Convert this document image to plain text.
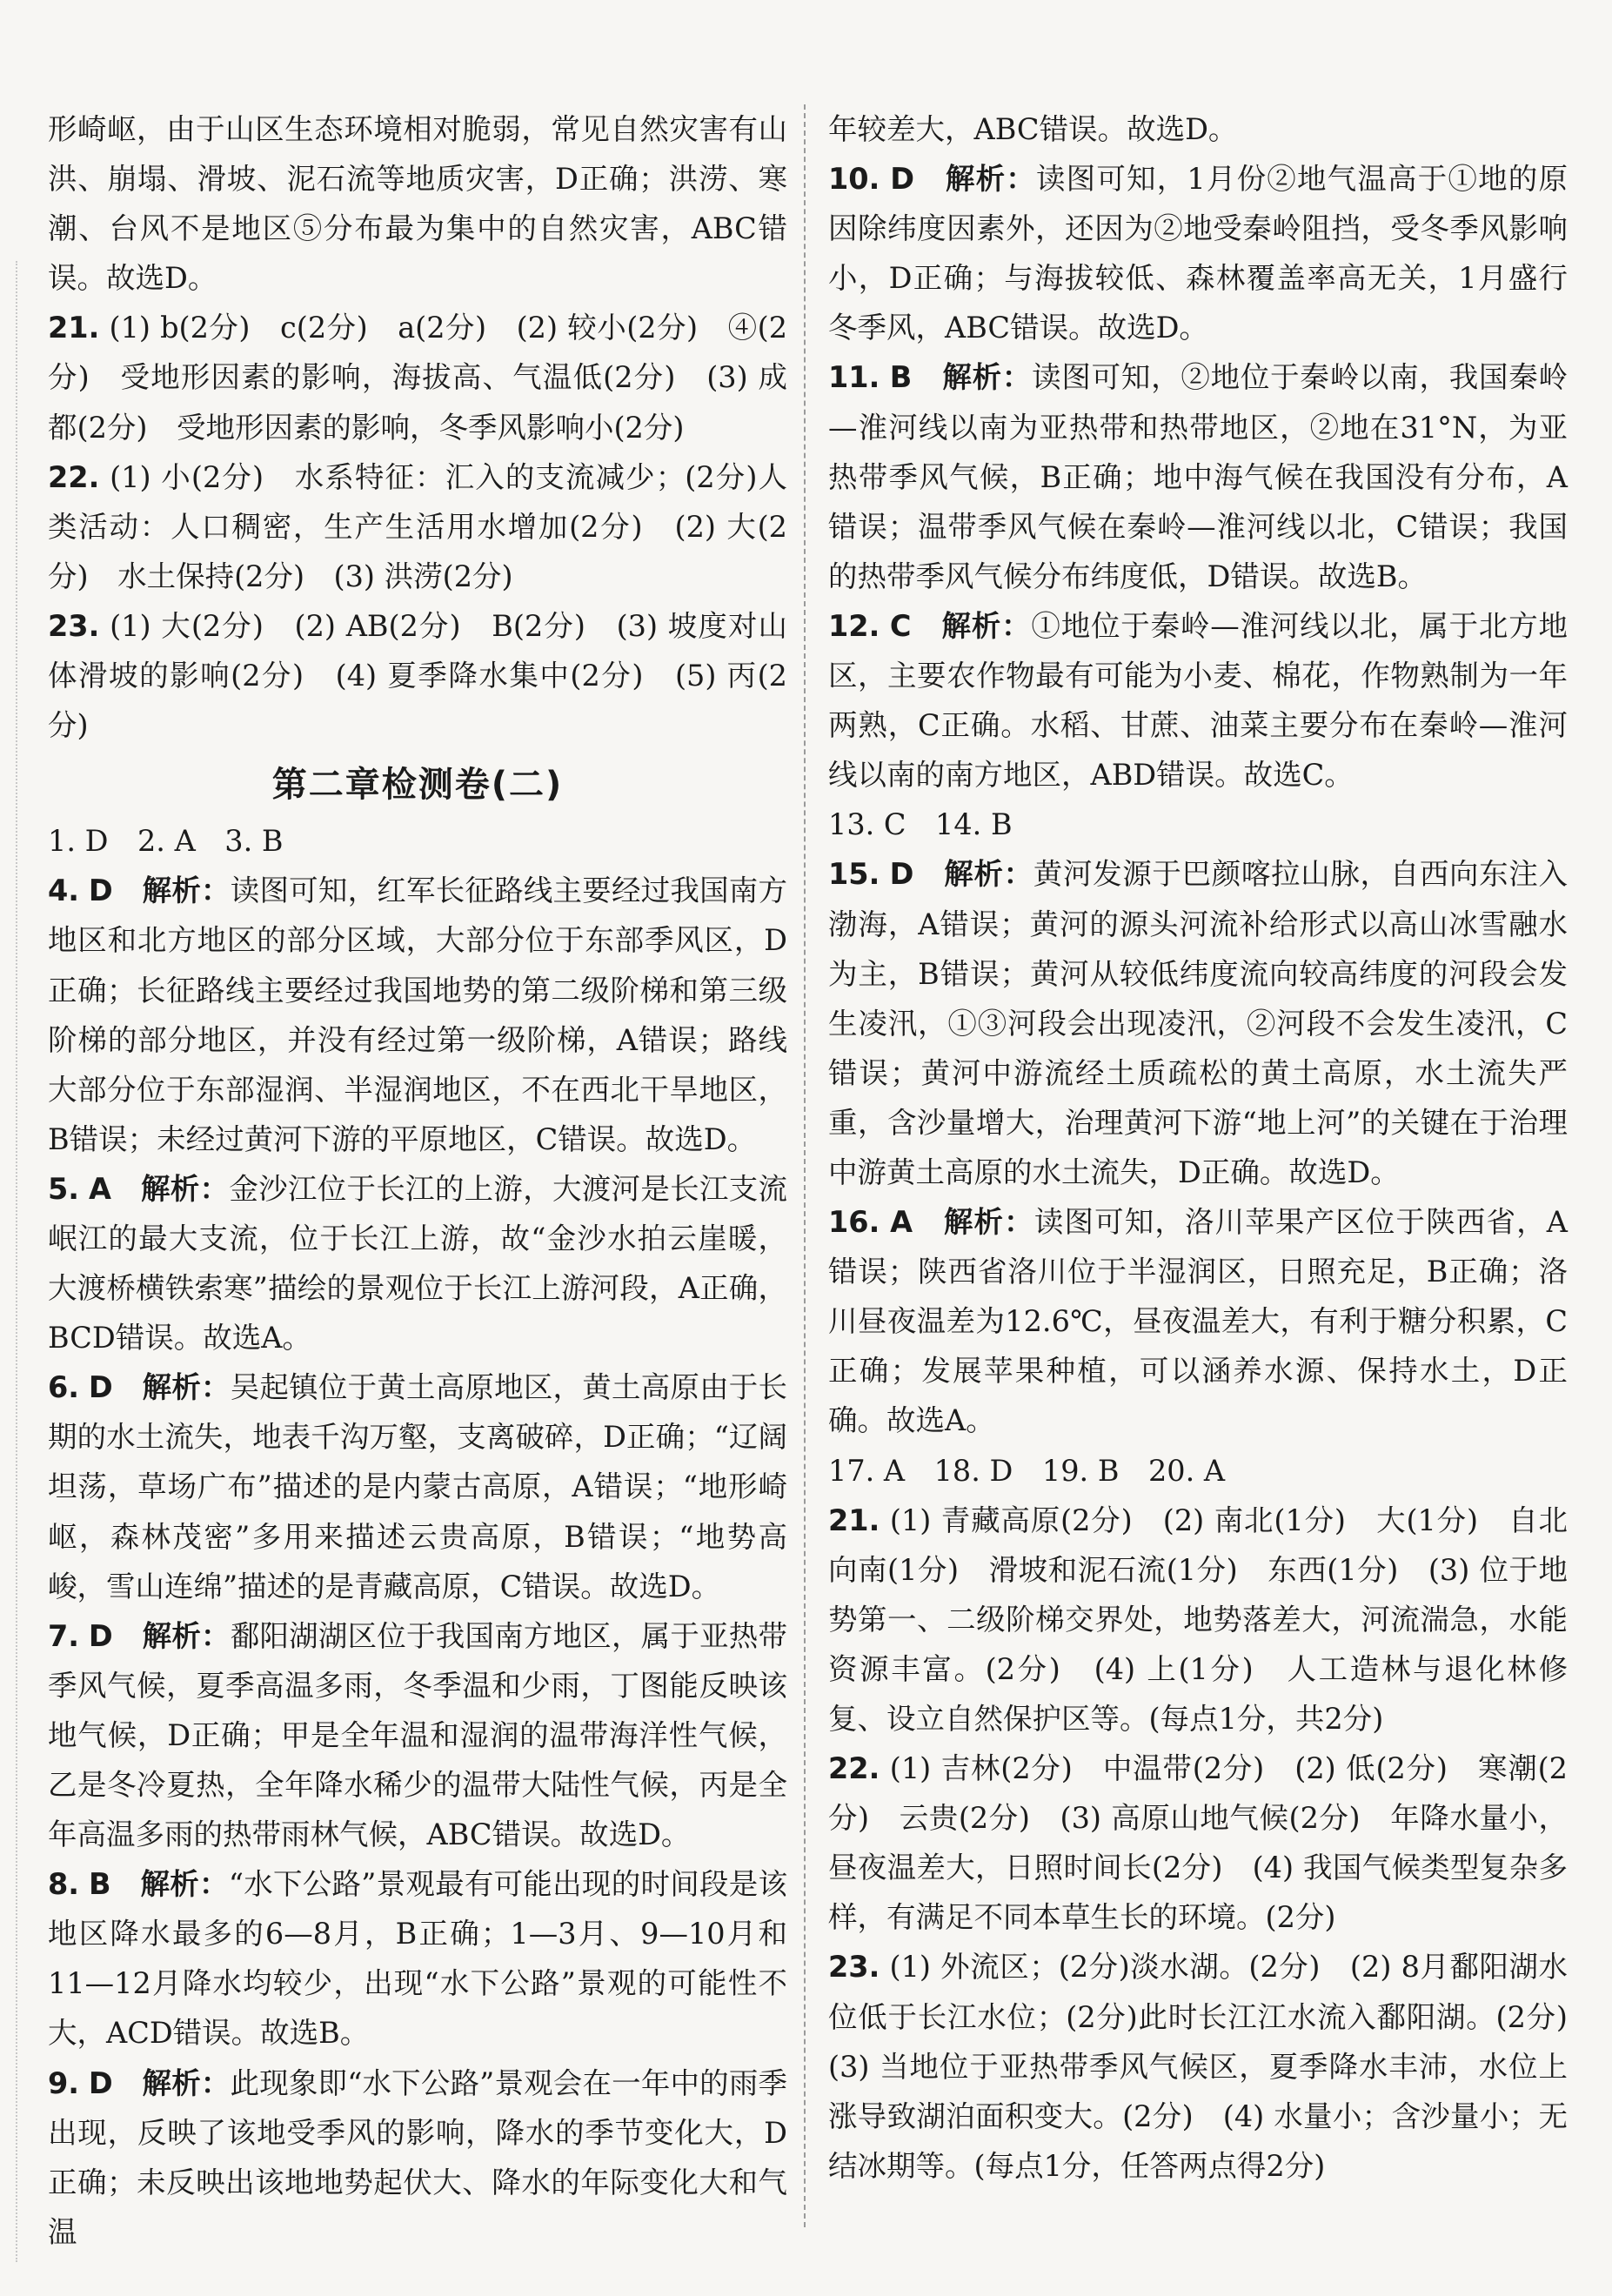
形崎岖，由于山区生态环境相对脆弱，常见自然灾害有山洪、崩塌、滑坡、泥石流等地质灾害，D正确；洪涝、寒潮、台风不是地区⑤分布最为集中的自然灾害，ABC错误。故选D。

21. (1) b(2分)　c(2分)　a(2分)　(2) 较小(2分)　④(2分)　受地形因素的影响，海拔高、气温低(2分)　(3) 成都(2分)　受地形因素的影响，冬季风影响小(2分)

22. (1) 小(2分)　水系特征：汇入的支流减少；(2分)人类活动：人口稠密，生产生活用水增加(2分)　(2) 大(2分)　水土保持(2分)　(3) 洪涝(2分)

23. (1) 大(2分)　(2) AB(2分)　B(2分)　(3) 坡度对山体滑坡的影响(2分)　(4) 夏季降水集中(2分)　(5) 丙(2分)

第二章检测卷(二)

1. D　2. A　3. B

4. D　解析：读图可知，红军长征路线主要经过我国南方地区和北方地区的部分区域，大部分位于东部季风区，D正确；长征路线主要经过我国地势的第二级阶梯和第三级阶梯的部分地区，并没有经过第一级阶梯，A错误；路线大部分位于东部湿润、半湿润地区，不在西北干旱地区，B错误；未经过黄河下游的平原地区，C错误。故选D。

5. A　解析：金沙江位于长江的上游，大渡河是长江支流岷江的最大支流，位于长江上游，故“金沙水拍云崖暖，大渡桥横铁索寒”描绘的景观位于长江上游河段，A正确，BCD错误。故选A。

6. D　解析：吴起镇位于黄土高原地区，黄土高原由于长期的水土流失，地表千沟万壑，支离破碎，D正确；“辽阔坦荡，草场广布”描述的是内蒙古高原，A错误；“地形崎岖，森林茂密”多用来描述云贵高原，B错误；“地势高峻，雪山连绵”描述的是青藏高原，C错误。故选D。

7. D　解析：鄱阳湖湖区位于我国南方地区，属于亚热带季风气候，夏季高温多雨，冬季温和少雨，丁图能反映该地气候，D正确；甲是全年温和湿润的温带海洋性气候，乙是冬冷夏热，全年降水稀少的温带大陆性气候，丙是全年高温多雨的热带雨林气候，ABC错误。故选D。

8. B　解析：“水下公路”景观最有可能出现的时间段是该地区降水最多的6—8月，B正确；1—3月、9—10月和11—12月降水均较少，出现“水下公路”景观的可能性不大，ACD错误。故选B。

9. D　解析：此现象即“水下公路”景观会在一年中的雨季出现，反映了该地受季风的影响，降水的季节变化大，D正确；未反映出该地地势起伏大、降水的年际变化大和气温

年较差大，ABC错误。故选D。

10. D　解析：读图可知，1月份②地气温高于①地的原因除纬度因素外，还因为②地受秦岭阻挡，受冬季风影响小，D正确；与海拔较低、森林覆盖率高无关，1月盛行冬季风，ABC错误。故选D。

11. B　解析：读图可知，②地位于秦岭以南，我国秦岭—淮河线以南为亚热带和热带地区，②地在31°N，为亚热带季风气候，B正确；地中海气候在我国没有分布，A错误；温带季风气候在秦岭—淮河线以北，C错误；我国的热带季风气候分布纬度低，D错误。故选B。

12. C　解析：①地位于秦岭—淮河线以北，属于北方地区，主要农作物最有可能为小麦、棉花，作物熟制为一年两熟，C正确。水稻、甘蔗、油菜主要分布在秦岭—淮河线以南的南方地区，ABD错误。故选C。

13. C　14. B

15. D　解析：黄河发源于巴颜喀拉山脉，自西向东注入渤海，A错误；黄河的源头河流补给形式以高山冰雪融水为主，B错误；黄河从较低纬度流向较高纬度的河段会发生凌汛，①③河段会出现凌汛，②河段不会发生凌汛，C错误；黄河中游流经土质疏松的黄土高原，水土流失严重，含沙量增大，治理黄河下游“地上河”的关键在于治理中游黄土高原的水土流失，D正确。故选D。

16. A　解析：读图可知，洛川苹果产区位于陕西省，A错误；陕西省洛川位于半湿润区，日照充足，B正确；洛川昼夜温差为12.6℃，昼夜温差大，有利于糖分积累，C正确；发展苹果种植，可以涵养水源、保持水土，D正确。故选A。

17. A　18. D　19. B　20. A

21. (1) 青藏高原(2分)　(2) 南北(1分)　大(1分)　自北向南(1分)　滑坡和泥石流(1分)　东西(1分)　(3) 位于地势第一、二级阶梯交界处，地势落差大，河流湍急，水能资源丰富。(2分)　(4) 上(1分)　人工造林与退化林修复、设立自然保护区等。(每点1分，共2分)

22. (1) 吉林(2分)　中温带(2分)　(2) 低(2分)　寒潮(2分)　云贵(2分)　(3) 高原山地气候(2分)　年降水量小，昼夜温差大，日照时间长(2分)　(4) 我国气候类型复杂多样，有满足不同本草生长的环境。(2分)

23. (1) 外流区；(2分)淡水湖。(2分)　(2) 8月鄱阳湖水位低于长江水位；(2分)此时长江江水流入鄱阳湖。(2分)　(3) 当地位于亚热带季风气候区，夏季降水丰沛，水位上涨导致湖泊面积变大。(2分)　(4) 水量小；含沙量小；无结冰期等。(每点1分，任答两点得2分)
